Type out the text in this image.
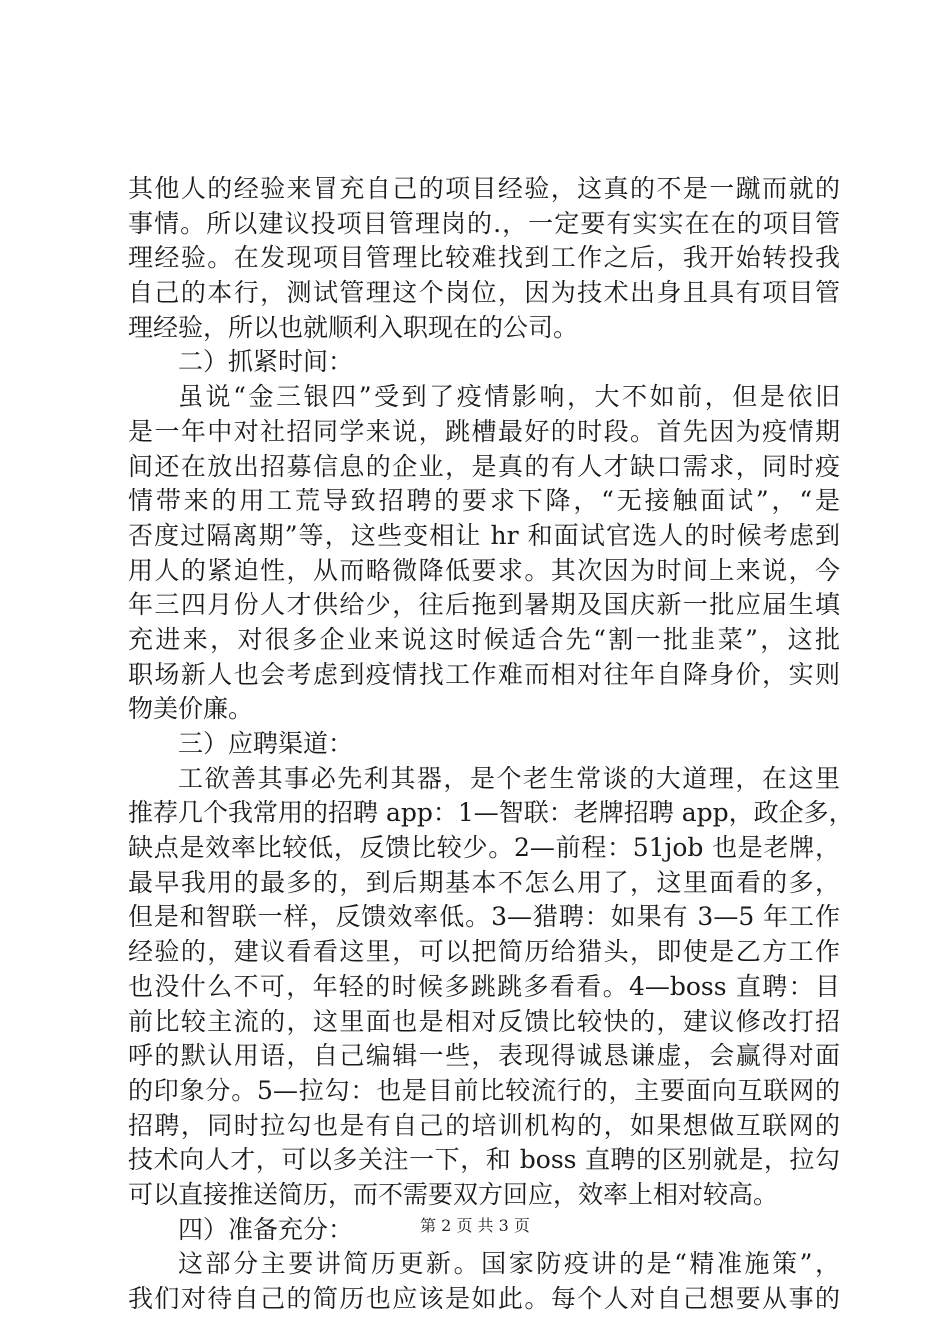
其他人的经验来冒充自己的项目经验，这真的不是一蹴而就的
事情。所以建议投项目管理岗的.，一定要有实实在在的项目管
理经验。在发现项目管理比较难找到工作之后，我开始转投我
自己的本行，测试管理这个岗位，因为技术出身且具有项目管
理经验，所以也就顺利入职现在的公司。
二）抓紧时间：
虽说“金三银四”受到了疫情影响，大不如前，但是依旧
是一年中对社招同学来说，跳槽最好的时段。首先因为疫情期
间还在放出招募信息的企业，是真的有人才缺口需求，同时疫
情带来的用工荒导致招聘的要求下降，“无接触面试”，“是
否度过隔离期”等，这些变相让 hr 和面试官选人的时候考虑到
用人的紧迫性，从而略微降低要求。其次因为时间上来说，今
年三四月份人才供给少，往后拖到暑期及国庆新一批应届生填
充进来，对很多企业来说这时候适合先“割一批韭菜”，这批
职场新人也会考虑到疫情找工作难而相对往年自降身价，实则
物美价廉。
三）应聘渠道：
工欲善其事必先利其器，是个老生常谈的大道理，在这里
推荐几个我常用的招聘 app：1—智联：老牌招聘 app，政企多，
缺点是效率比较低，反馈比较少。2—前程：51job 也是老牌，
最早我用的最多的，到后期基本不怎么用了，这里面看的多，
但是和智联一样，反馈效率低。3—猎聘：如果有 3—5 年工作
经验的，建议看看这里，可以把简历给猎头，即使是乙方工作
也没什么不可，年轻的时候多跳跳多看看。4—boss 直聘：目
前比较主流的，这里面也是相对反馈比较快的，建议修改打招
呼的默认用语，自己编辑一些，表现得诚恳谦虚，会赢得对面
的印象分。5—拉勾：也是目前比较流行的，主要面向互联网的
招聘，同时拉勾也是有自己的培训机构的，如果想做互联网的
技术向人才，可以多关注一下，和 boss 直聘的区别就是，拉勾
可以直接推送简历，而不需要双方回应，效率上相对较高。
四）准备充分：
这部分主要讲简历更新。国家防疫讲的是“精准施策”，
我们对待自己的简历也应该是如此。每个人对自己想要从事的
第 2 页 共 3 页
